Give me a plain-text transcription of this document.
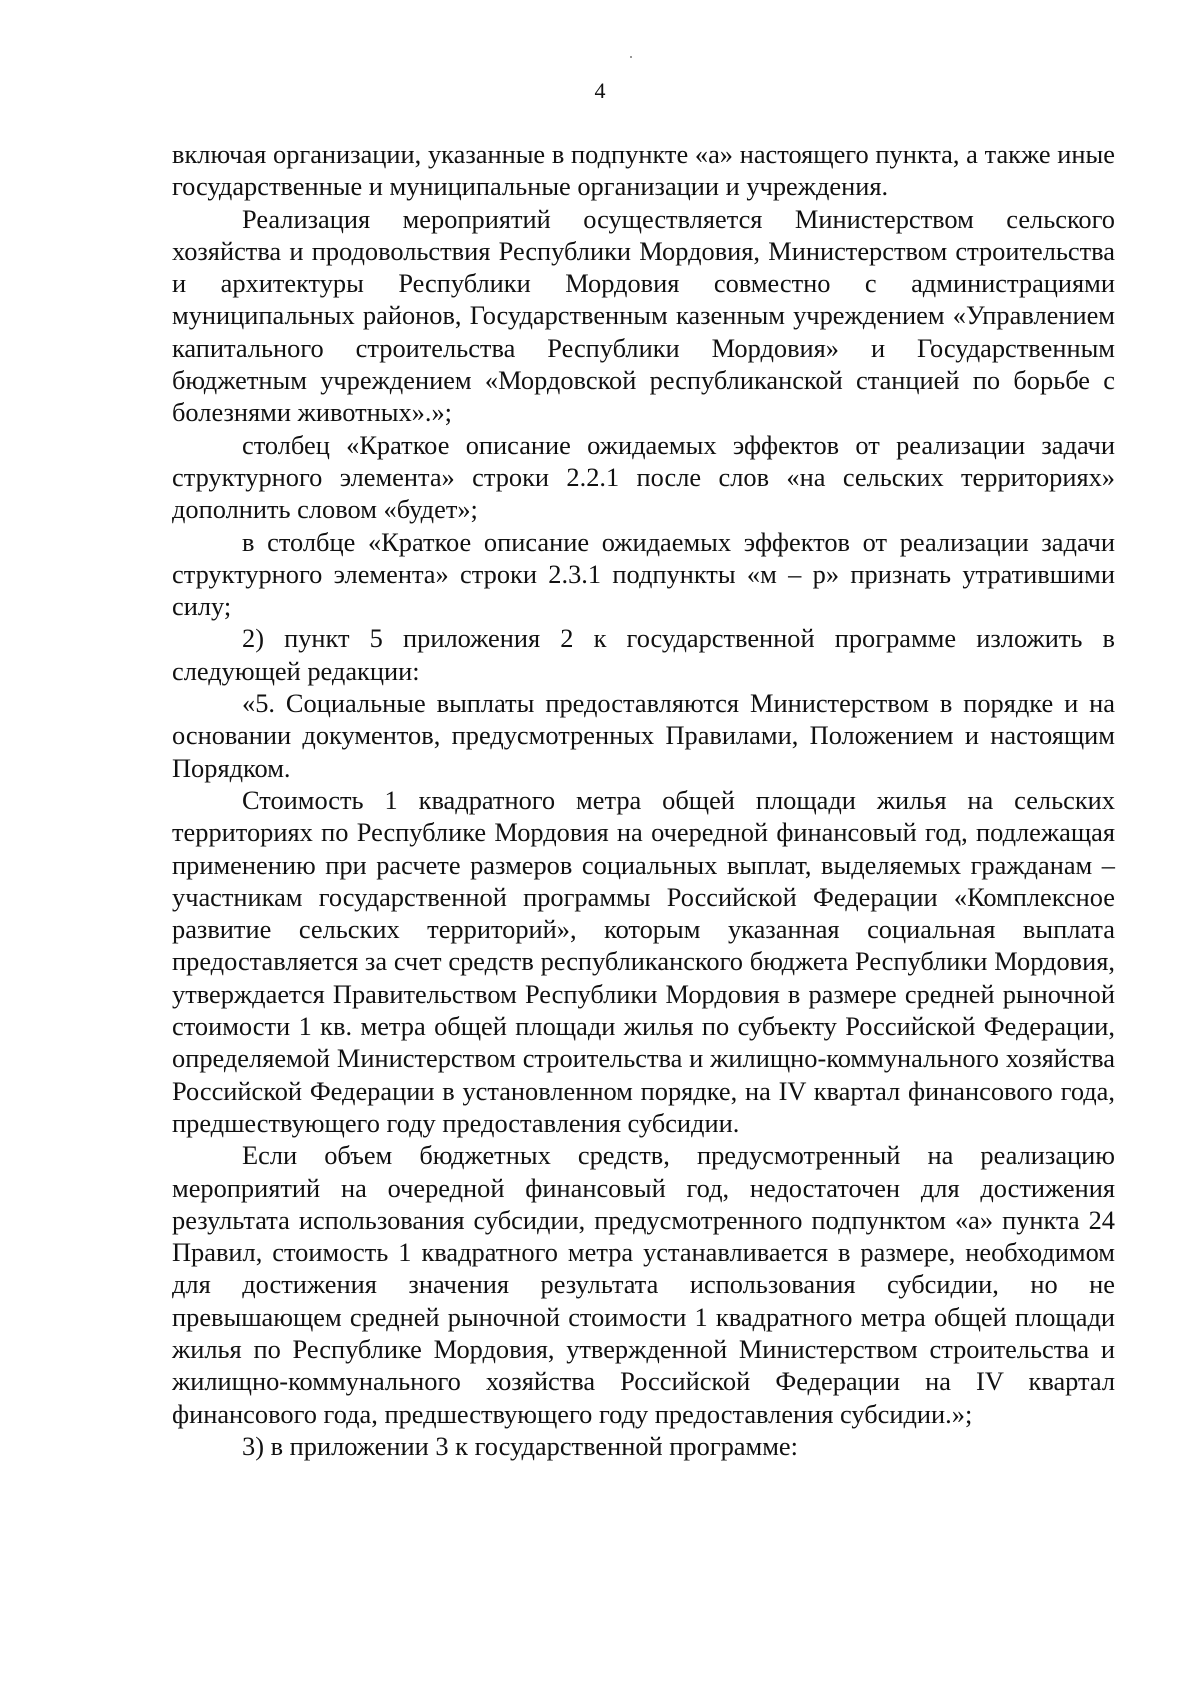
4

включая организации, указанные в подпункте «а» настоящего пункта, а также иные государственные и муниципальные организации и учреждения.

Реализация мероприятий осуществляется Министерством сельского хозяйства и продовольствия Республики Мордовия, Министерством строительства и архитектуры Республики Мордовия совместно с администрациями муниципальных районов, Государственным казенным учреждением «Управлением капитального строительства Республики Мордовия» и Государственным бюджетным учреждением «Мордовской республиканской станцией по борьбе с болезнями животных».»;

столбец «Краткое описание ожидаемых эффектов от реализации задачи структурного элемента» строки 2.2.1 после слов «на сельских территориях» дополнить словом «будет»;

в столбце «Краткое описание ожидаемых эффектов от реализации задачи структурного элемента» строки 2.3.1 подпункты «м – р» признать утратившими силу;

2) пункт 5 приложения 2 к государственной программе изложить в следующей редакции:

«5. Социальные выплаты предоставляются Министерством в порядке и на основании документов, предусмотренных Правилами, Положением и настоящим Порядком.

Стоимость 1 квадратного метра общей площади жилья на сельских территориях по Республике Мордовия на очередной финансовый год, подлежащая применению при расчете размеров социальных выплат, выделяемых гражданам – участникам государственной программы Российской Федерации «Комплексное развитие сельских территорий», которым указанная социальная выплата предоставляется за счет средств республиканского бюджета Республики Мордовия, утверждается Правительством Республики Мордовия в размере средней рыночной стоимости 1 кв. метра общей площади жилья по субъекту Российской Федерации, определяемой Министерством строительства и жилищно-коммунального хозяйства Российской Федерации в установленном порядке, на IV квартал финансового года, предшествующего году предоставления субсидии.

Если объем бюджетных средств, предусмотренный на реализацию мероприятий на очередной финансовый год, недостаточен для достижения результата использования субсидии, предусмотренного подпунктом «а» пункта 24 Правил, стоимость 1 квадратного метра устанавливается в размере, необходимом для достижения значения результата использования субсидии, но не превышающем средней рыночной стоимости 1 квадратного метра общей площади жилья по Республике Мордовия, утвержденной Министерством строительства и жилищно-коммунального хозяйства Российской Федерации на IV квартал финансового года, предшествующего году предоставления субсидии.»;

3) в приложении 3 к государственной программе:
